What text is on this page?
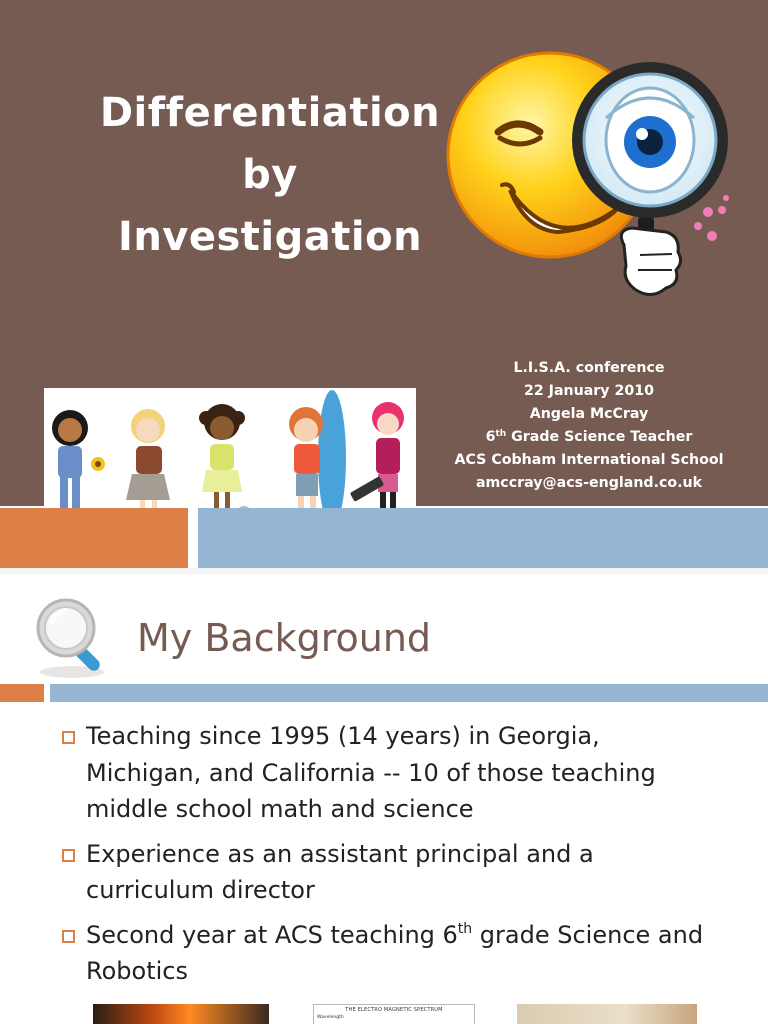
Differentiation
by
Investigation
L.I.S.A. conference
22 January 2010
Angela McCray
6th Grade Science Teacher
ACS Cobham International School
amccray@acs-england.co.uk
My Background
Teaching since 1995 (14 years) in Georgia, Michigan, and California -- 10 of those teaching middle school math and science
Experience as an assistant principal and a curriculum director
Second year at ACS teaching 6th grade Science and Robotics
THE ELECTRO MAGNETIC SPECTRUM
Wavelength
